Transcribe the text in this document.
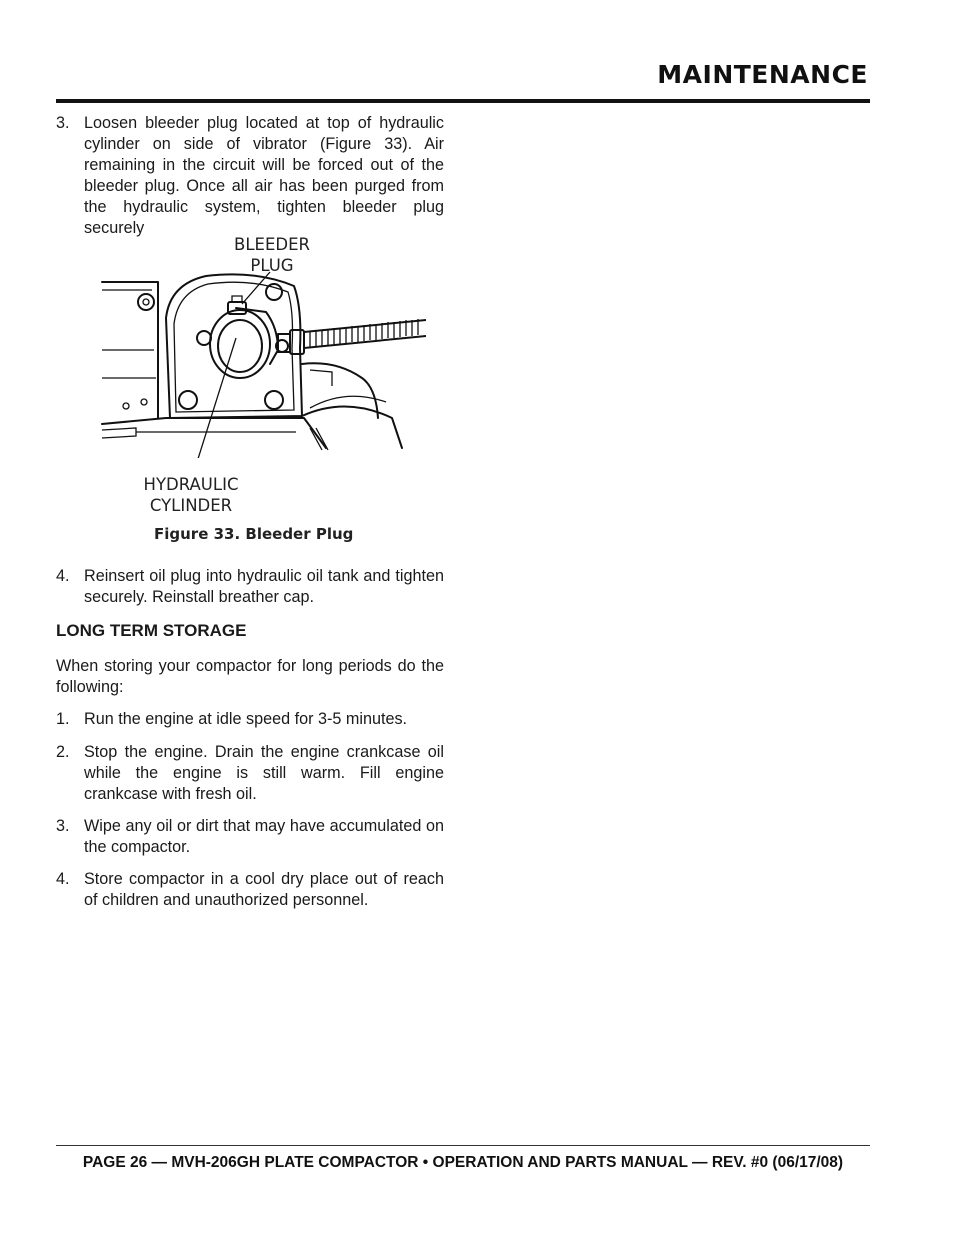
MAINTENANCE
3. Loosen bleeder plug located at top of hydraulic cylinder on side of vibrator (Figure 33). Air remaining in the circuit will be forced out of the bleeder plug. Once all air has been purged from the hydraulic system, tighten bleeder plug securely
BLEEDER
PLUG
HYDRAULIC
CYLINDER
Figure 33. Bleeder Plug
4. Reinsert oil plug into hydraulic oil tank and tighten securely. Reinstall breather cap.
LONG TERM STORAGE
When storing your compactor for long periods do the following:
1. Run the engine at idle speed for 3-5 minutes.
2. Stop the engine. Drain the engine crankcase oil while the engine is still warm. Fill engine crankcase with fresh oil.
3. Wipe any oil or dirt that may have accumulated on the compactor.
4. Store compactor in a cool dry place out of reach of children and unauthorized personnel.
PAGE 26 — MVH-206GH PLATE COMPACTOR • OPERATION AND PARTS MANUAL — REV. #0 (06/17/08)
